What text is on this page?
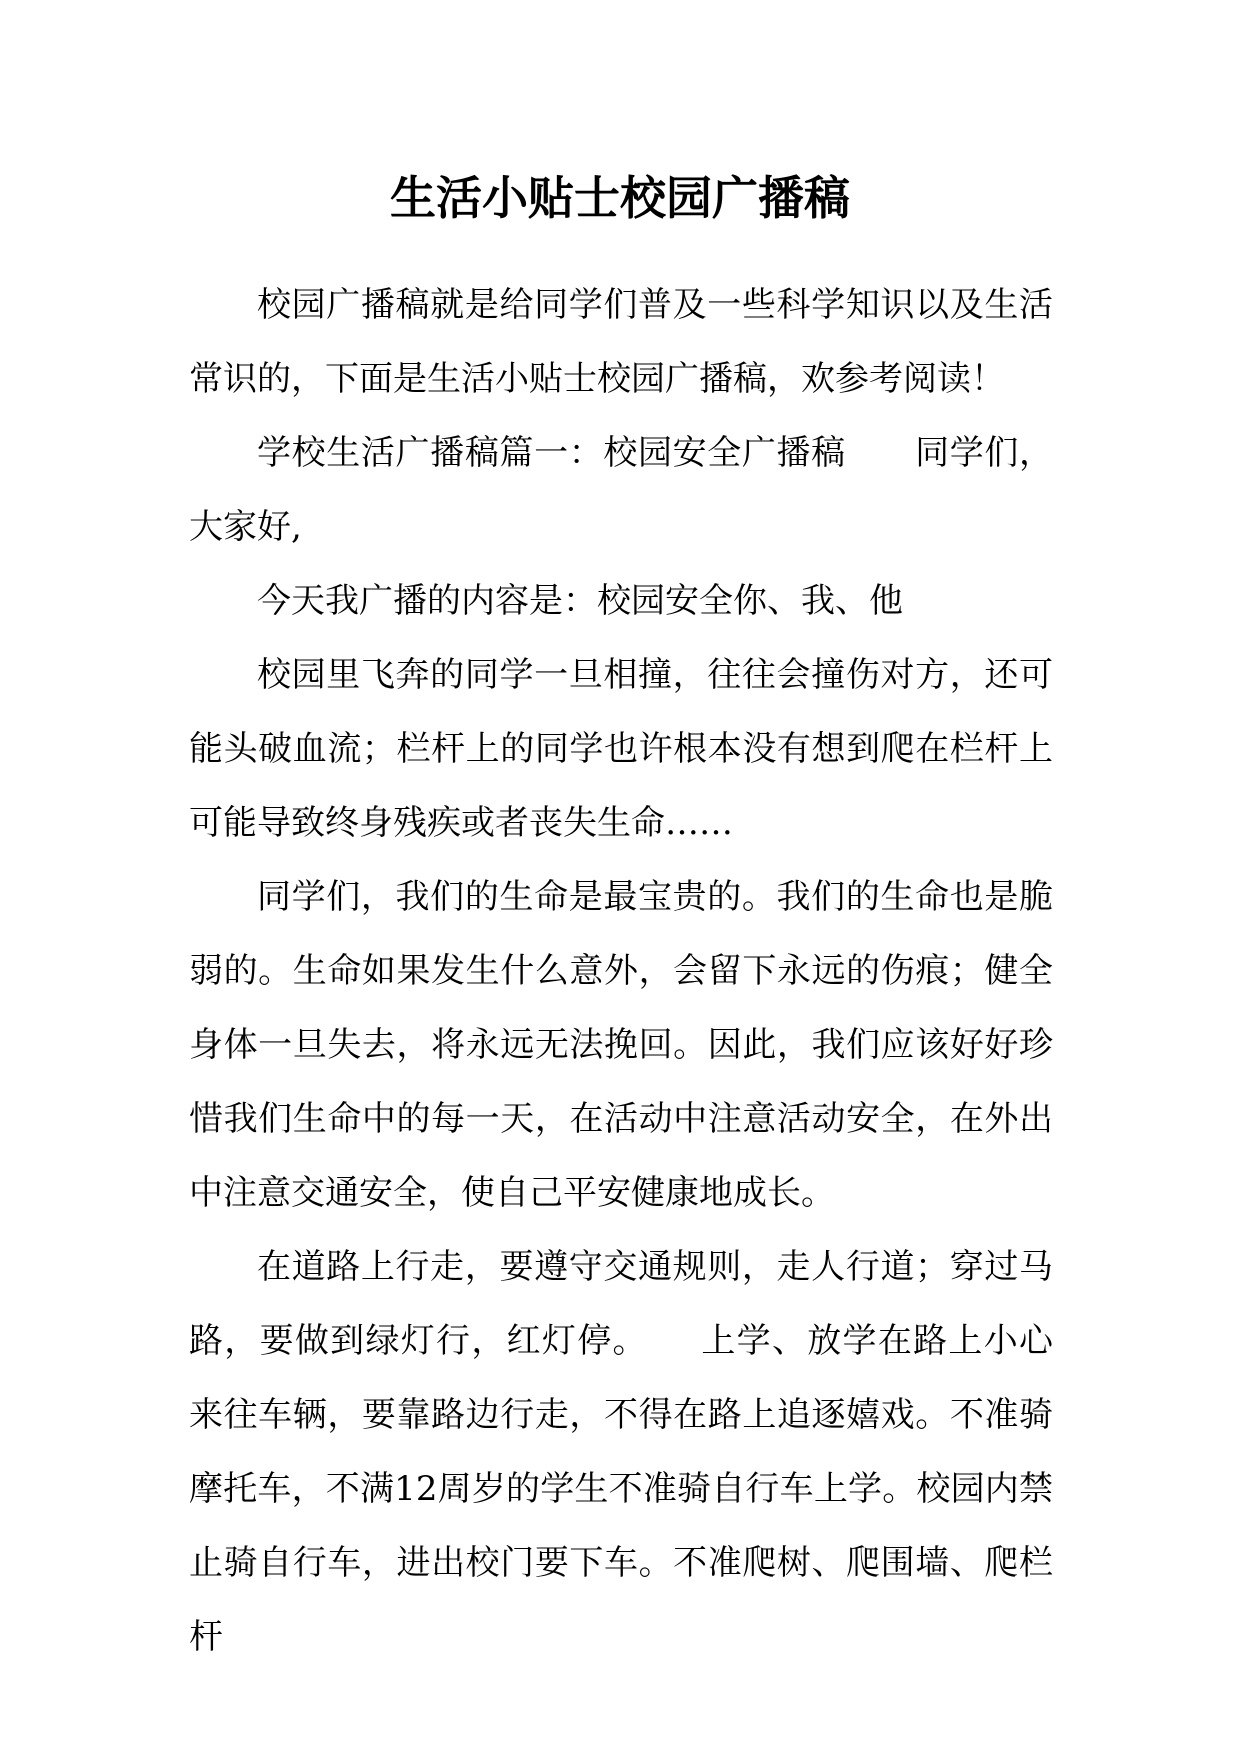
生活小贴士校园广播稿

校园广播稿就是给同学们普及一些科学知识以及生活常识的，下面是生活小贴士校园广播稿，欢参考阅读！

学校生活广播稿篇一：校园安全广播稿　　同学们，大家好,

今天我广播的内容是：校园安全你、我、他

校园里飞奔的同学一旦相撞，往往会撞伤对方，还可能头破血流；栏杆上的同学也许根本没有想到爬在栏杆上可能导致终身残疾或者丧失生命……

同学们，我们的生命是最宝贵的。我们的生命也是脆弱的。生命如果发生什么意外，会留下永远的伤痕；健全身体一旦失去，将永远无法挽回。因此，我们应该好好珍惜我们生命中的每一天，在活动中注意活动安全，在外出中注意交通安全，使自己平安健康地成长。

在道路上行走，要遵守交通规则，走人行道；穿过马路，要做到绿灯行，红灯停。　　上学、放学在路上小心来往车辆，要靠路边行走，不得在路上追逐嬉戏。不准骑摩托车，不满12周岁的学生不准骑自行车上学。校园内禁止骑自行车，进出校门要下车。不准爬树、爬围墙、爬栏杆
